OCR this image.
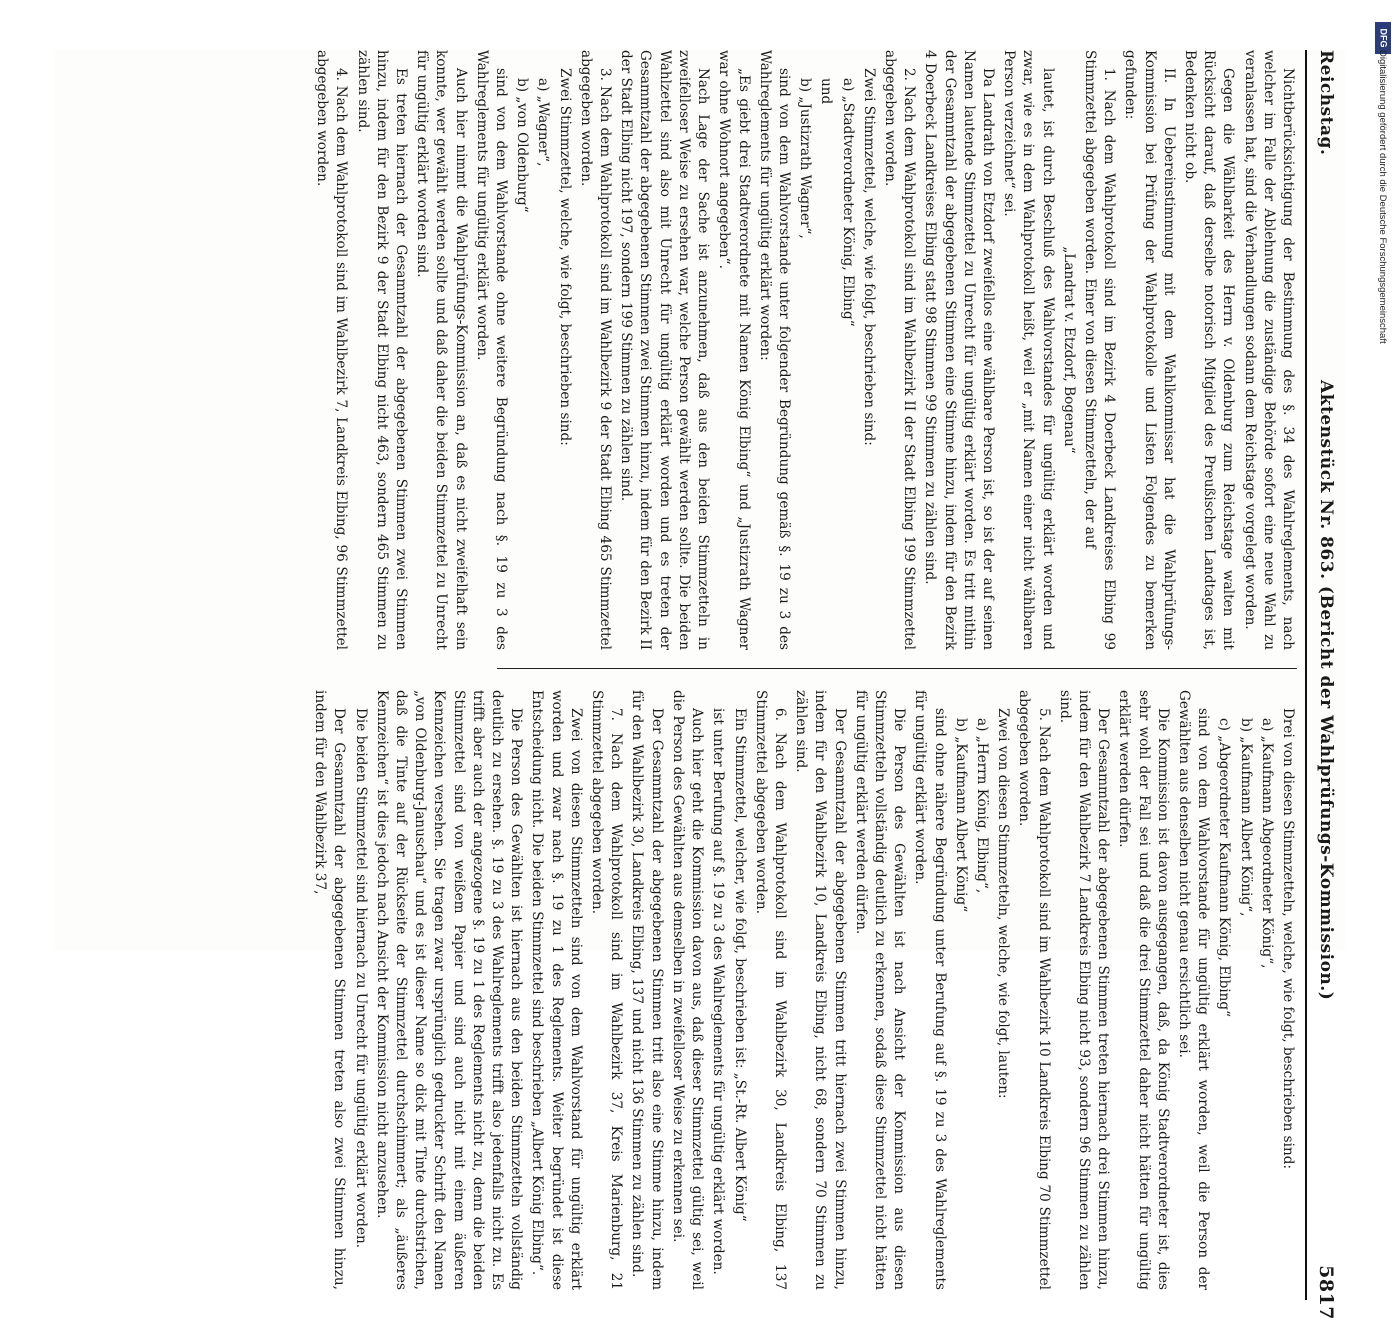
Reichstag.
Aktenstück Nr. 863. (Bericht der Wahlprüfungs-Kommission.)
5817

Nichtberücksichtigung der Bestimmung des §. 34 des Wahlreglements, nach welcher im Falle der Ablehnung die zuständige Behörde sofort eine neue Wahl zu veranlassen hat, sind die Verhandlungen sodann dem Reichstage vorgelegt worden.

Gegen die Wählbarkeit des Herrn v. Oldenburg zum Reichstage walten mit Rücksicht darauf, daß derselbe notorisch Mitglied des Preußischen Landtages ist, Bedenken nicht ob.

II. In Uebereinstimmung mit dem Wahlkommissar hat die Wahlprüfungs-Kommission bei Prüfung der Wahlprotokolle und Listen Folgendes zu bemerken gefunden:

1. Nach dem Wahlprotokoll sind im Bezirk 4 Doerbeck Landkreises Elbing 99 Stimmzettel abgegeben worden. Einer von diesen Stimmzetteln, der auf

„Landrat v. Etzdorf, Bogenau“

lautet, ist durch Beschluß des Wahlvorstandes für ungültig erklärt worden und zwar, wie es in dem Wahlprotokoll heißt, weil er „mit Namen einer nicht wählbaren Person verzeichnet“ sei.

Da Landrath von Etzdorf zweifellos eine wählbare Person ist, so ist der auf seinen Namen lautende Stimmzettel zu Unrecht für ungültig erklärt worden. Es tritt mithin der Gesammtzahl der abgegebenen Stimmen eine Stimme hinzu, indem für den Bezirk 4 Doerbeck Landkreises Elbing statt 98 Stimmen 99 Stimmen zu zählen sind.

2. Nach dem Wahlprotokoll sind im Wahlbezirk II der Stadt Elbing 199 Stimmzettel abgegeben worden.

Zwei Stimmzettel, welche, wie folgt, beschrieben sind:

a) „Stadtverordneter König, Elbing“

und

b) „Justizrath Wagner“,

sind von dem Wahlvorstande unter folgender Begründung gemäß §. 19 zu 3 des Wahlreglements für ungültig erklärt worden:

„Es giebt drei Stadtverordnete mit Namen König Elbing“ und „Justizrath Wagner war ohne Wohnort angegeben“.

Nach Lage der Sache ist anzunehmen, daß aus den beiden Stimmzetteln in zweifelloser Weise zu ersehen war, welche Person gewählt werden sollte. Die beiden Wahlzettel sind also mit Unrecht für ungültig erklärt worden und es treten der Gesammtzahl der abgegebenen Stimmen zwei Stimmen hinzu, indem für den Bezirk II der Stadt Elbing nicht 197, sondern 199 Stimmen zu zählen sind.

3. Nach dem Wahlprotokoll sind im Wahlbezirk 9 der Stadt Elbing 465 Stimmzettel abgegeben worden.

Zwei Stimmzettel, welche, wie folgt, beschrieben sind:

a) „Wagner“,

b) „von Oldenburg“

sind von dem Wahlvorstande ohne weitere Begründung nach §. 19 zu 3 des Wahlreglements für ungültig erklärt worden.

Auch hier nimmt die Wahlprüfungs-Kommission an, daß es nicht zweifelhaft sein konnte, wer gewählt werden sollte und daß daher die beiden Stimmzettel zu Unrecht für ungültig erklärt worden sind.

Es treten hiernach der Gesammtzahl der abgegebenen Stimmen zwei Stimmen hinzu, indem für den Bezirk 9 der Stadt Elbing nicht 463, sondern 465 Stimmen zu zählen sind.

4. Nach dem Wahlprotokoll sind im Wahlbezirk 7, Landkreis Elbing, 96 Stimmzettel abgegeben worden.

Drei von diesen Stimmzetteln, welche, wie folgt, beschrieben sind:

a) „Kaufmann Abgeordneter König“,

b) „Kaufmann Albert König“,

c) „Abgeordneter Kaufmann König, Elbing“

sind von dem Wahlvorstande für ungültig erklärt worden, weil die Person der Gewählten aus denselben nicht genau ersichtlich sei.

Die Kommission ist davon ausgegangen, daß, da König Stadtverordneter ist, dies sehr wohl der Fall sei und daß die drei Stimmzettel daher nicht hätten für ungültig erklärt werden dürfen.

Der Gesammtzahl der abgegebenen Stimmen treten hiernach drei Stimmen hinzu, indem für den Wahlbezirk 7 Landkreis Elbing nicht 93, sondern 96 Stimmen zu zählen sind.

5. Nach dem Wahlprotokoll sind im Wahlbezirk 10 Landkreis Elbing 70 Stimmzettel abgegeben worden.

Zwei von diesen Stimmzetteln, welche, wie folgt, lauten:

a) „Herrn König, Elbing“,

b) „Kaufmann Albert König“

sind ohne nähere Begründung unter Berufung auf §. 19 zu 3 des Wahlreglements für ungültig erklärt worden.

Die Person des Gewählten ist nach Ansicht der Kommission aus diesen Stimmzetteln vollständig deutlich zu erkennen, sodaß diese Stimmzettel nicht hätten für ungültig erklärt werden dürfen.

Der Gesammtzahl der abgegebenen Stimmen tritt hiernach zwei Stimmen hinzu, indem für den Wahlbezirk 10, Landkreis Elbing, nicht 68, sondern 70 Stimmen zu zählen sind.

6. Nach dem Wahlprotokoll sind im Wahlbezirk 30, Landkreis Elbing, 137 Stimmzettel abgegeben worden.

Ein Stimmzettel, welcher, wie folgt, beschrieben ist: „St.-Rt. Albert König“

ist unter Berufung auf §. 19 zu 3 des Wahlreglements für ungültig erklärt worden.

Auch hier geht die Kommission davon aus, daß dieser Stimmzettel gültig sei, weil die Person des Gewählten aus demselben in zweifelloser Weise zu erkennen sei.

Der Gesammtzahl der abgegebenen Stimmen tritt also eine Stimme hinzu, indem für den Wahlbezirk 30, Landkreis Elbing, 137 und nicht 136 Stimmen zu zählen sind.

7. Nach dem Wahlprotokoll sind im Wahlbezirk 37, Kreis Marienburg, 21 Stimmzettel abgegeben worden.

Zwei von diesen Stimmzetteln sind von dem Wahlvorstand für ungültig erklärt worden und zwar nach §. 19 zu 1 des Reglements. Weiter begründet ist diese Entscheidung nicht. Die beiden Stimmzettel sind beschrieben „Albert König Elbing“.

Die Person des Gewählten ist hiernach aus den beiden Stimmzetteln vollständig deutlich zu ersehen. §. 19 zu 3 des Wahlreglements trifft also jedenfalls nicht zu. Es trifft aber auch der angezogene §. 19 zu 1 des Reglements nicht zu, denn die beiden Stimmzettel sind von weißem Papier und sind auch nicht mit einem äußeren Kennzeichen versehen. Sie tragen zwar ursprünglich gedruckter Schrift den Namen „von Oldenburg-Januschau“ und es ist dieser Name so dick mit Tinte durchstrichen, daß die Tinte auf der Rückseite der Stimmzettel durchschimmert; als „äußeres Kennzeichen“ ist dies jedoch nach Ansicht der Kommission nicht anzusehen.

Die beiden Stimmzettel sind hiernach zu Unrecht für ungültig erklärt worden.

Der Gesammtzahl der abgegebenen Stimmen treten also zwei Stimmen hinzu, indem für den Wahlbezirk 37,

DFG
Digitalisierung gefördert durch die Deutsche Forschungsgemeinschaft
